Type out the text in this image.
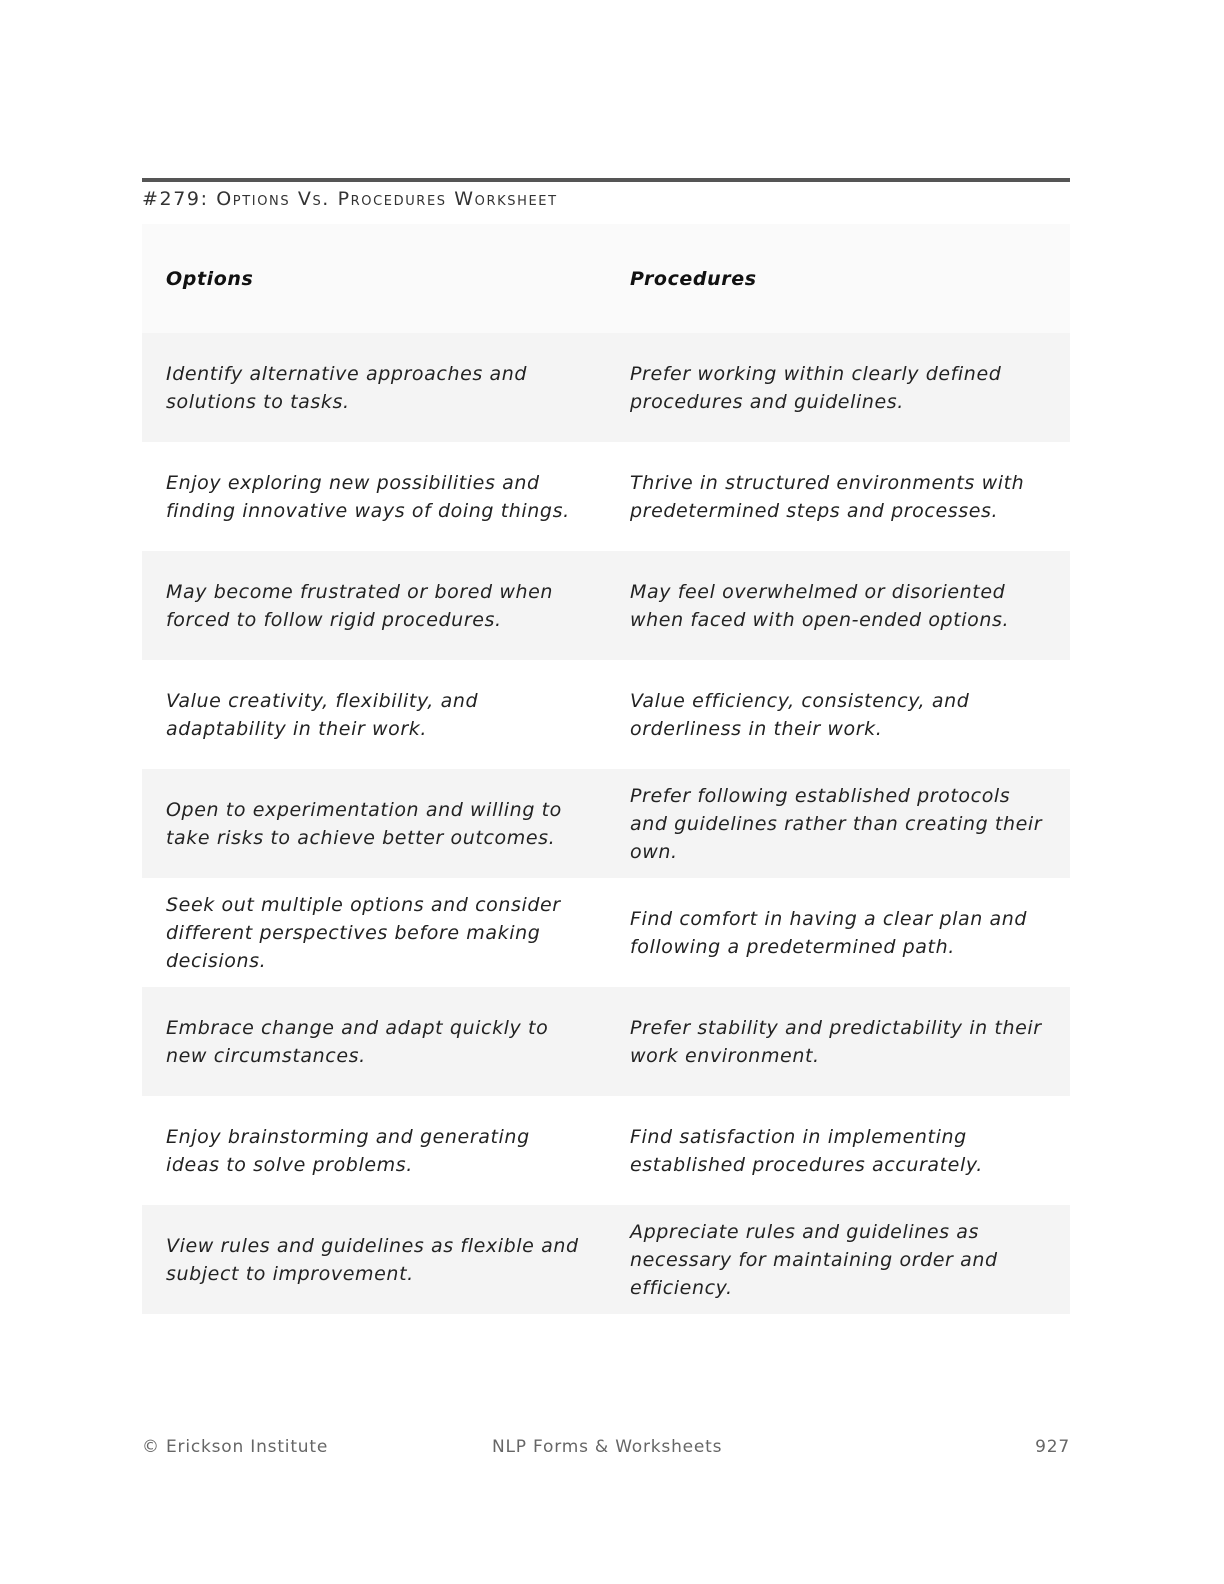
#279: Options Vs. Procedures Worksheet
Options	Procedures
Identify alternative approaches and solutions to tasks.	Prefer working within clearly defined procedures and guidelines.
Enjoy exploring new possibilities and finding innovative ways of doing things.	Thrive in structured environments with predetermined steps and processes.
May become frustrated or bored when forced to follow rigid procedures.	May feel overwhelmed or disoriented when faced with open-ended options.
Value creativity, flexibility, and adaptability in their work.	Value efficiency, consistency, and orderliness in their work.
Open to experimentation and willing to take risks to achieve better outcomes.	Prefer following established protocols and guidelines rather than creating their own.
Seek out multiple options and consider different perspectives before making decisions.	Find comfort in having a clear plan and following a predetermined path.
Embrace change and adapt quickly to new circumstances.	Prefer stability and predictability in their work environment.
Enjoy brainstorming and generating ideas to solve problems.	Find satisfaction in implementing established procedures accurately.
View rules and guidelines as flexible and subject to improvement.	Appreciate rules and guidelines as necessary for maintaining order and efficiency.
© Erickson Institute	NLP Forms & Worksheets	927
